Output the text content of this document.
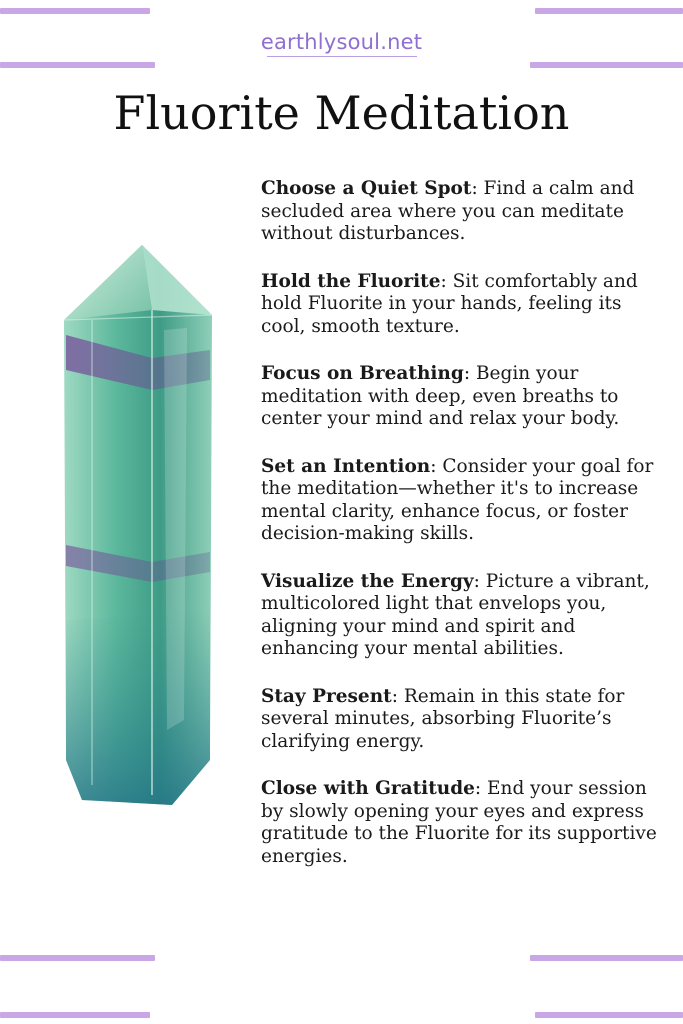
earthlysoul.net
Fluorite Meditation

Choose a Quiet Spot: Find a calm and secluded area where you can meditate without disturbances.

Hold the Fluorite: Sit comfortably and hold Fluorite in your hands, feeling its cool, smooth texture.

Focus on Breathing: Begin your meditation with deep, even breaths to center your mind and relax your body.

Set an Intention: Consider your goal for the meditation—whether it's to increase mental clarity, enhance focus, or foster decision-making skills.

Visualize the Energy: Picture a vibrant, multicolored light that envelops you, aligning your mind and spirit and enhancing your mental abilities.

Stay Present: Remain in this state for several minutes, absorbing Fluorite’s clarifying energy.

Close with Gratitude: End your session by slowly opening your eyes and express gratitude to the Fluorite for its supportive energies.
